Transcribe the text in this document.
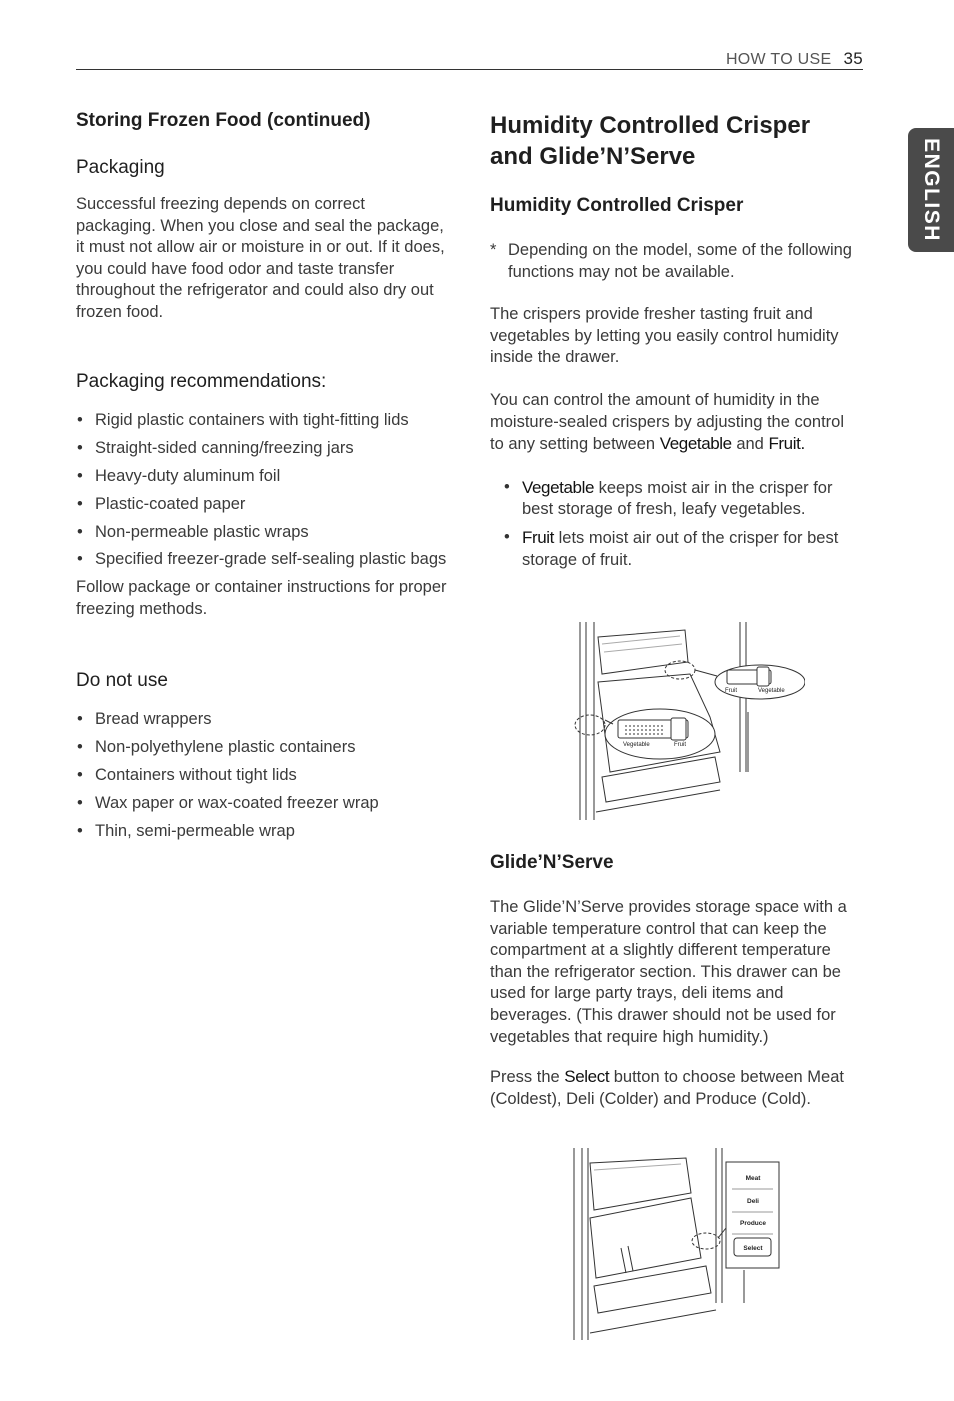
HOW TO USE 35
ENGLISH
Storing Frozen Food (continued)
Packaging

Successful freezing depends on correct packaging. When you close and seal the package, it must not allow air or moisture in or out. If it does, you could have food odor and taste transfer throughout the refrigerator and could also dry out frozen food.

Packaging recommendations:
• Rigid plastic containers with tight-fitting lids
• Straight-sided canning/freezing jars
• Heavy-duty aluminum foil
• Plastic-coated paper
• Non-permeable plastic wraps
• Specified freezer-grade self-sealing plastic bags

Follow package or container instructions for proper freezing methods.

Do not use
• Bread wrappers
• Non-polyethylene plastic containers
• Containers without tight lids
• Wax paper or wax-coated freezer wrap
• Thin, semi-permeable wrap
Humidity Controlled Crisper
and Glide’N’Serve
Humidity Controlled Crisper

* Depending on the model, some of the following functions may not be available.

The crispers provide fresher tasting fruit and vegetables by letting you easily control humidity inside the drawer.

You can control the amount of humidity in the moisture-sealed crispers by adjusting the control to any setting between Vegetable and Fruit.

• Vegetable keeps moist air in the crisper for best storage of fresh, leafy vegetables.
• Fruit lets moist air out of the crisper for best storage of fruit.
Fruit	Vegetable
Vegetable	Fruit
Glide’N’Serve

The Glide’N’Serve provides storage space with a variable temperature control that can keep the compartment at a slightly different temperature than the refrigerator section. This drawer can be used for large party trays, deli items and beverages. (This drawer should not be used for vegetables that require high humidity.)

Press the Select button to choose between Meat (Coldest), Deli (Colder) and Produce (Cold).

Meat
Deli
Produce
Select
